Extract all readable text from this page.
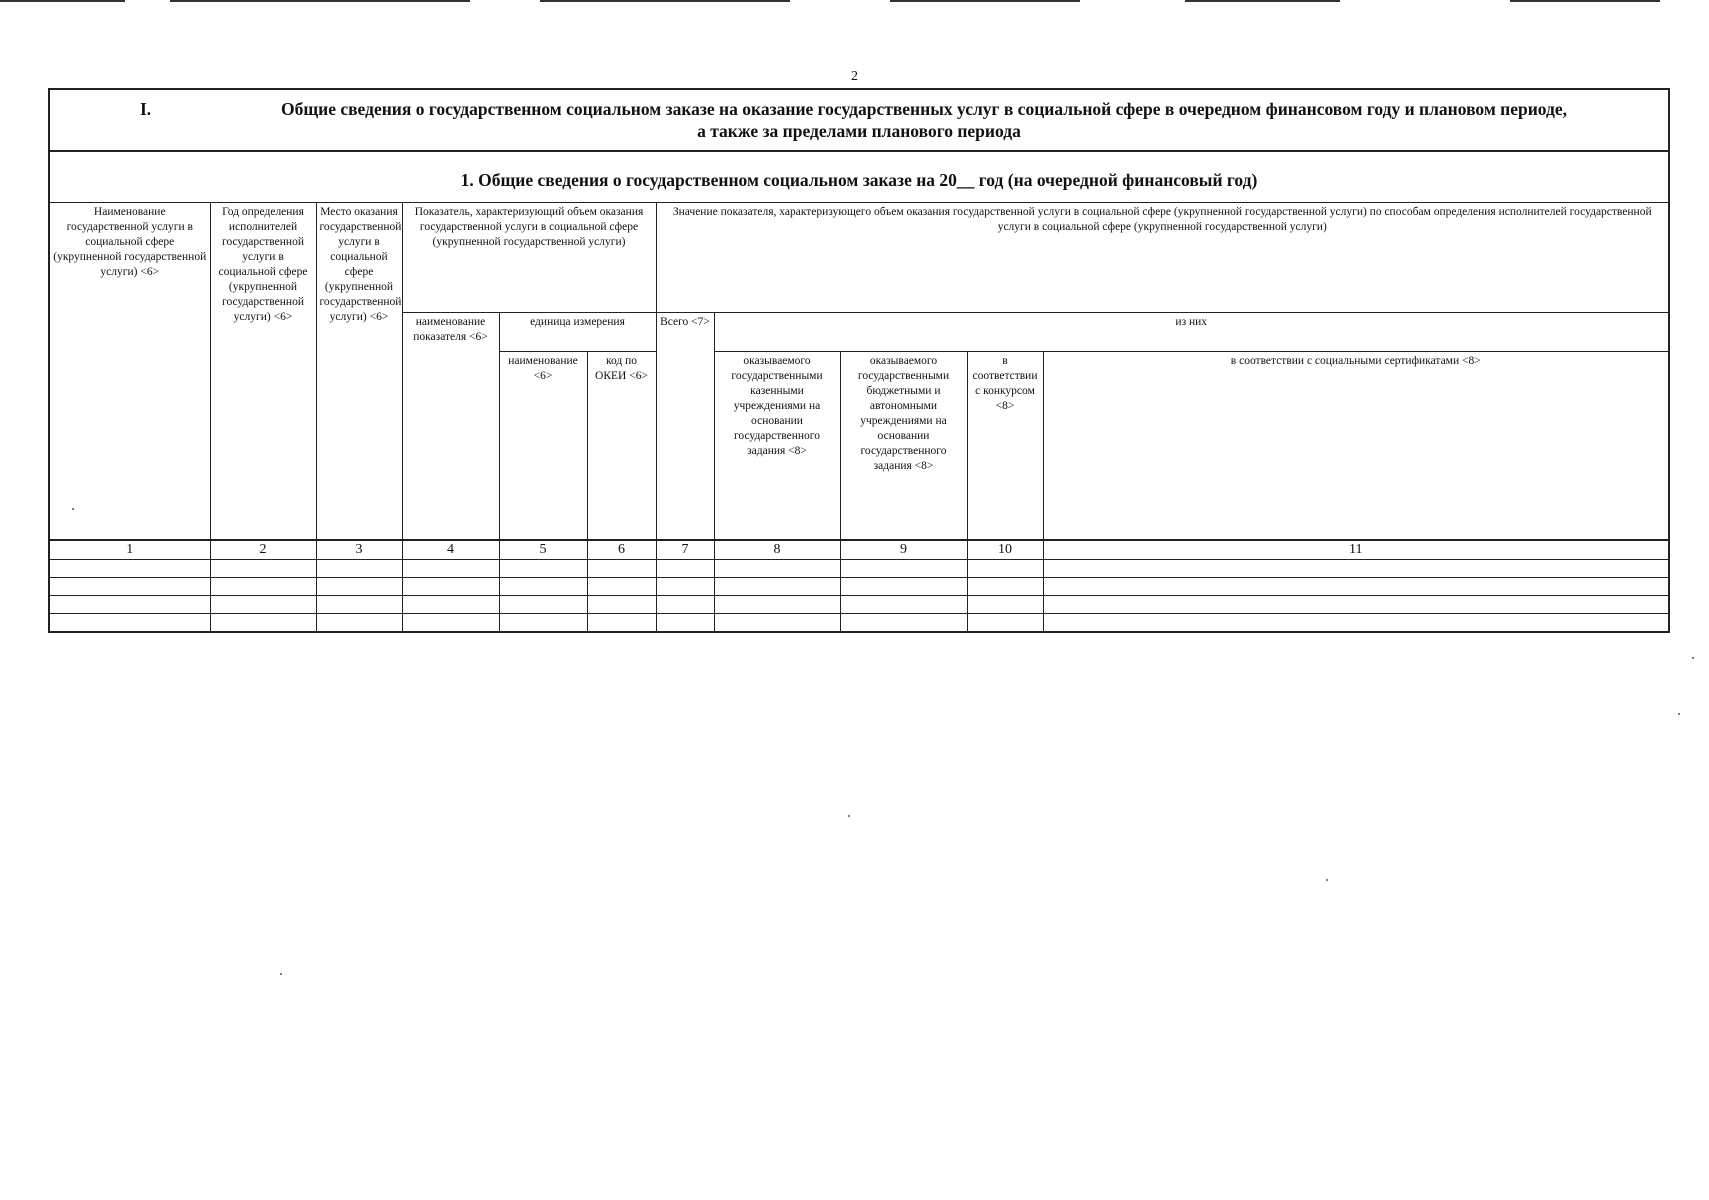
2
I. Общие сведения о государственном социальном заказе на оказание государственных услуг в социальной сфере в очередном финансовом году и плановом периоде,
а также за пределами планового периода										

1. Общие сведения о государственном социальном заказе на 20__ год (на очередной финансовый год)										
Наименование государственной услуги в социальной сфере (укрупненной государственной услуги) <6>	Год определения исполнителей государственной услуги в социальной сфере (укрупненной государственной услуги) <6>	Место оказания государственной услуги в социальной сфере (укрупненной государственной услуги) <6>	Показатель, характеризующий объем оказания государственной услуги в социальной сфере (укрупненной государственной услуги)			Значение показателя, характеризующего объем оказания государственной услуги в социальной сфере (укрупненной государственной услуги) по способам определения исполнителей государственной услуги в социальной сфере (укрупненной государственной услуги)				
			наименование показателя <6>	единица измерения		Всего <7>	из них			
				наименование <6>	код по ОКЕИ <6>		оказываемого государственными казенными учреждениями на основании государственного задания <8>	оказываемого государственными бюджетными и автономными учреждениями на основании государственного задания <8>	в соответствии с конкурсом <8>	в соответствии с социальными сертификатами <8>
1	2	3	4	5	6	7	8	9	10	11
